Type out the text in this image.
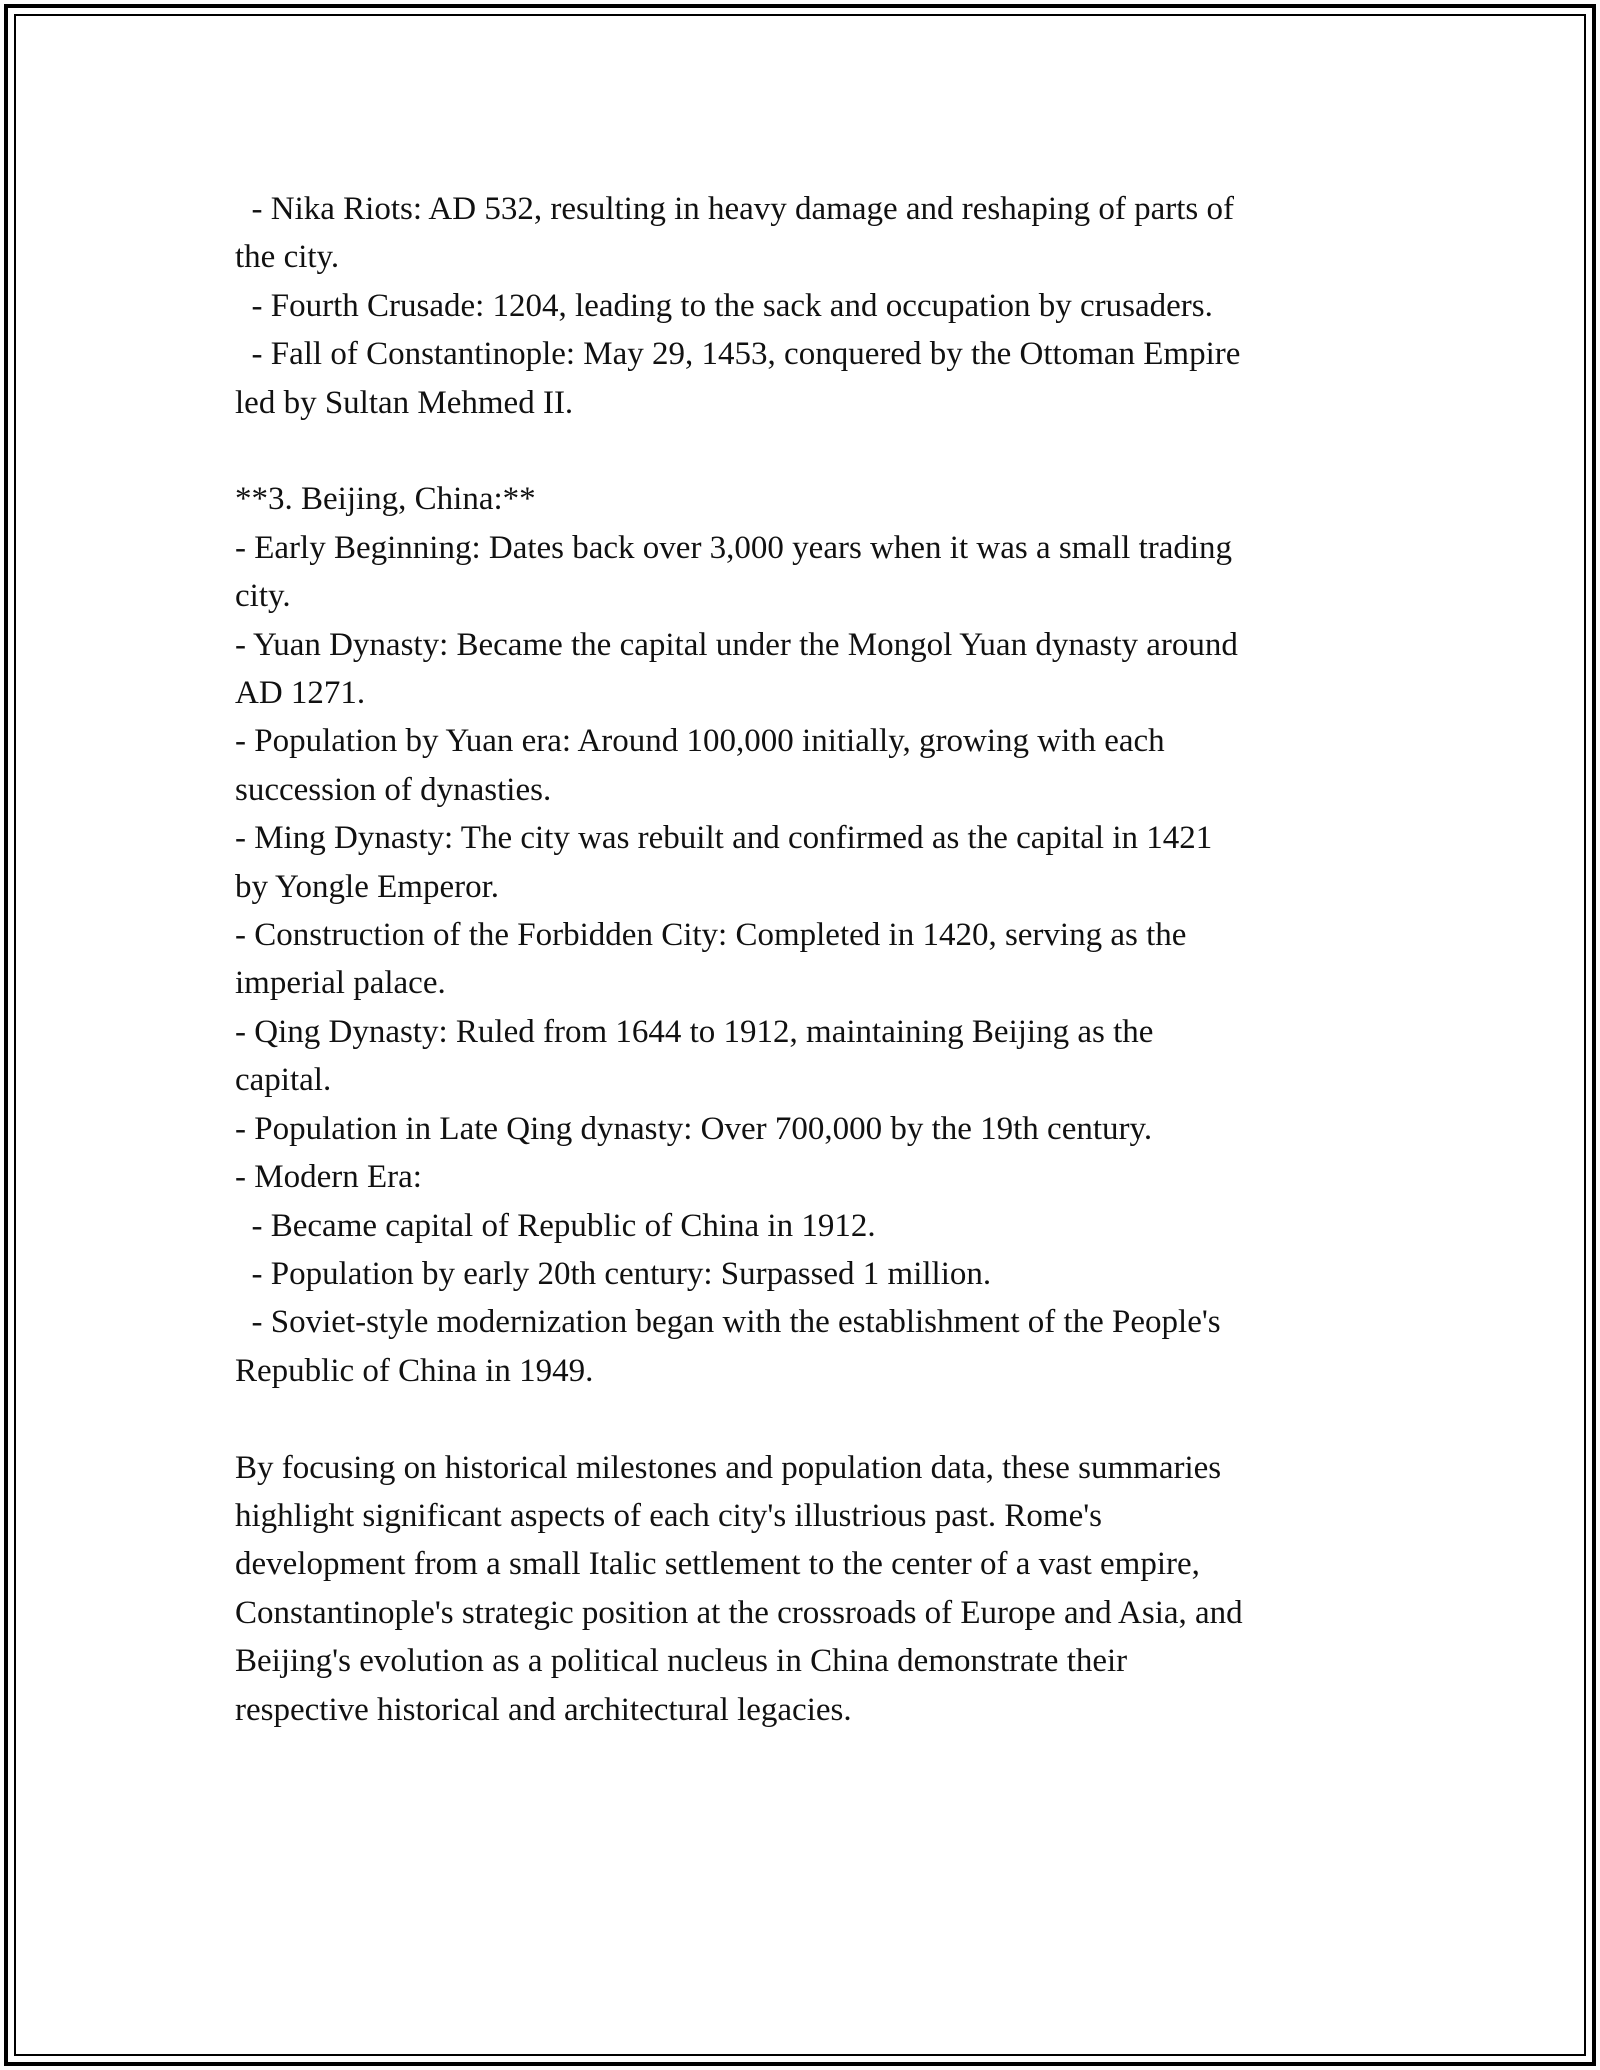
- Nika Riots: AD 532, resulting in heavy damage and reshaping of parts of
the city.
- Fourth Crusade: 1204, leading to the sack and occupation by crusaders.
- Fall of Constantinople: May 29, 1453, conquered by the Ottoman Empire
led by Sultan Mehmed II.
**3. Beijing, China:**
- Early Beginning: Dates back over 3,000 years when it was a small trading
city.
- Yuan Dynasty: Became the capital under the Mongol Yuan dynasty around
AD 1271.
- Population by Yuan era: Around 100,000 initially, growing with each
succession of dynasties.
- Ming Dynasty: The city was rebuilt and confirmed as the capital in 1421
by Yongle Emperor.
- Construction of the Forbidden City: Completed in 1420, serving as the
imperial palace.
- Qing Dynasty: Ruled from 1644 to 1912, maintaining Beijing as the
capital.
- Population in Late Qing dynasty: Over 700,000 by the 19th century.
- Modern Era:
- Became capital of Republic of China in 1912.
- Population by early 20th century: Surpassed 1 million.
- Soviet-style modernization began with the establishment of the People's
Republic of China in 1949.
By focusing on historical milestones and population data, these summaries
highlight significant aspects of each city's illustrious past. Rome's
development from a small Italic settlement to the center of a vast empire,
Constantinople's strategic position at the crossroads of Europe and Asia, and
Beijing's evolution as a political nucleus in China demonstrate their
respective historical and architectural legacies.
